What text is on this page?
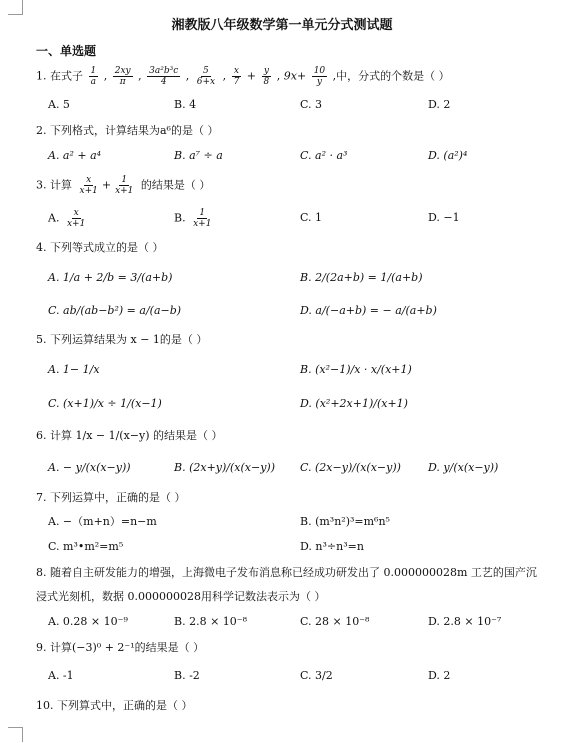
湘教版八年级数学第一单元分式测试题
一、单选题
1. 在式子 $\frac{1}{a}$ , $\frac{2xy}{\pi}$ , $\frac{\text{3a²b³c}}{4}$ , $\frac{5}{6+x}$ , $\frac{x}{7} + \frac{y}{8}$ , $9x+ \frac{10}{y}$ ,中，分式的个数是（ ）
A. 5	B. 4	C. 3	D. 2
2. 下列格式，计算结果为a⁶的是（ ）
A. a² + a⁴	B. a⁷ ÷ a	C. a² · a³	D. (a²)⁴
3. 计算 $\frac{x}{x+1} + \frac{1}{x+1}$ 的结果是（ ）
A. $\frac{x}{x+1}$	B. $\frac{1}{x+1}$	C. 1	D. −1
4. 下列等式成立的是（ ）
A. 1/a + 2/b = 3/(a+b)	B. 2/(2a+b) = 1/(a+b)
C. ab/(ab−b²) = a/(a−b)	D. a/(−a+b) = − a/(a+b)
5. 下列运算结果为 x − 1的是（ ）
A. 1− 1/x	B. (x²−1)/x · x/(x+1)
C. (x+1)/x ÷ 1/(x−1)	D. (x²+2x+1)/(x+1)
6. 计算 1/x − 1/(x−y) 的结果是（ ）
A. − y/(x(x−y))	B. (2x+y)/(x(x−y)) C. (2x−y)/(x(x−y)) D. y/(x(x−y))
7. 下列运算中，正确的是（ ）
A. −（m+n）=n−m	B. (m³n²)³=m⁶n⁵
C. m³•m²=m⁵	D. n³÷n³=n
8. 随着自主研发能力的增强，上海微电子发布消息称已经成功研发出了 0.000000028m 工艺的国产沉
浸式光刻机，数据 0.000000028用科学记数法表示为（ ）
A. 0.28 × 10⁻⁹	B. 2.8 × 10⁻⁸	C. 28 × 10⁻⁸	D. 2.8 × 10⁻⁷
9. 计算(−3)⁰ + 2⁻¹的结果是（ ）
A. -1	B. -2	C. 3/2	D. 2
10. 下列算式中，正确的是（ ）
